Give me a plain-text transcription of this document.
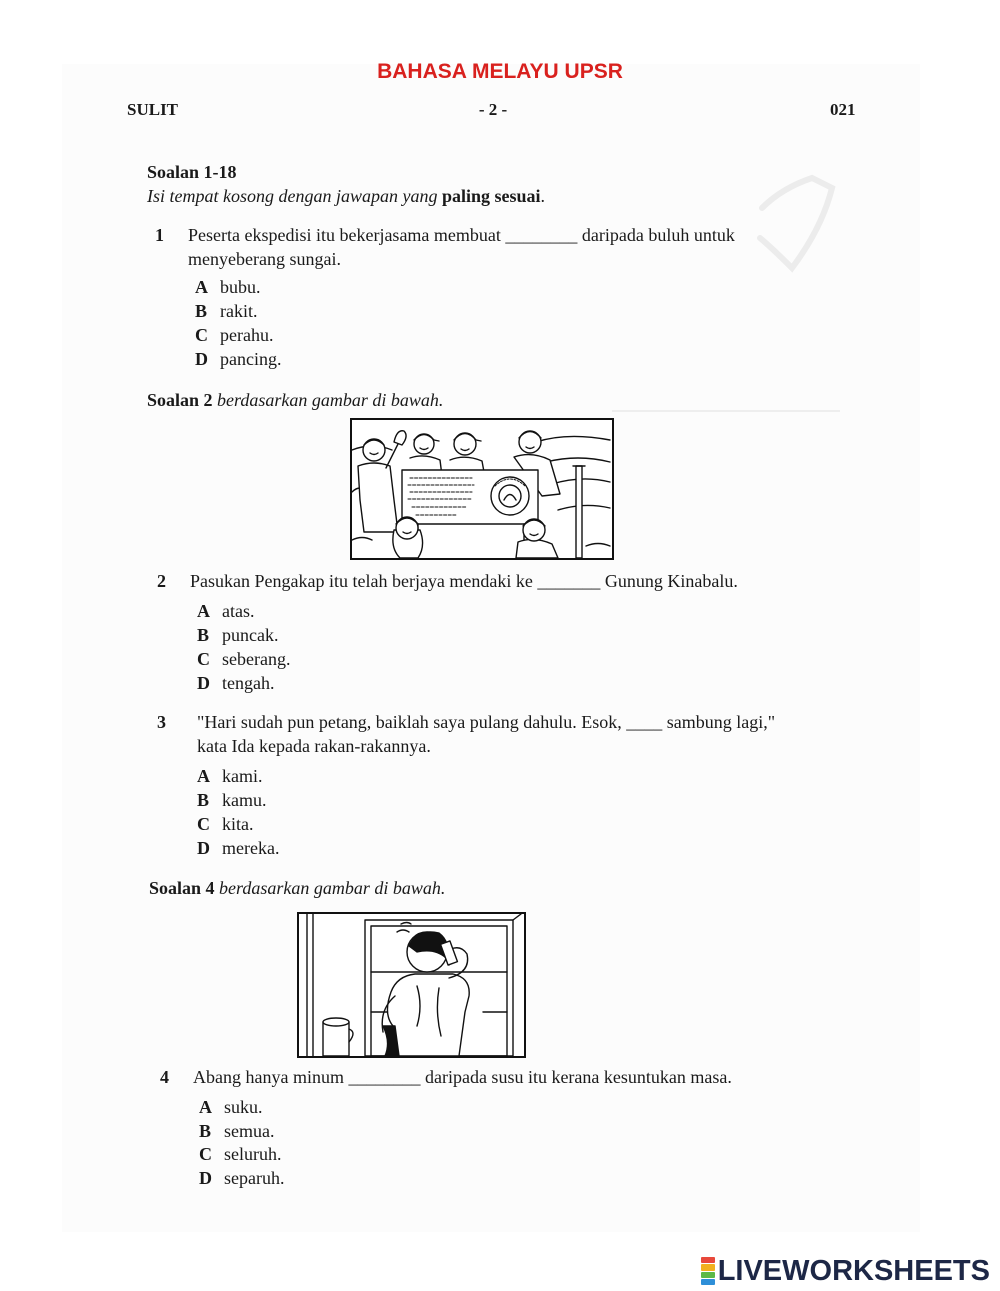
BAHASA MELAYU UPSR
SULIT	- 2 -	021
Soalan 1-18
Isi tempat kosong dengan jawapan yang paling sesuai.
1 Peserta ekspedisi itu bekerjasama membuat ________ daripada buluh untuk
menyeberang sungai.
A bubu.
B rakit.
C perahu.
D pancing.
Soalan 2 berdasarkan gambar di bawah.
2 Pasukan Pengakap itu telah berjaya mendaki ke _______ Gunung Kinabalu.
A atas.
B puncak.
C seberang.
D tengah.
3 "Hari sudah pun petang, baiklah saya pulang dahulu. Esok, ____ sambung lagi,"
kata Ida kepada rakan-rakannya.
A kami.
B kamu.
C kita.
D mereka.
Soalan 4 berdasarkan gambar di bawah.
4 Abang hanya minum ________ daripada susu itu kerana kesuntukan masa.
A suku.
B semua.
C seluruh.
D separuh.
LIVEWORKSHEETS
